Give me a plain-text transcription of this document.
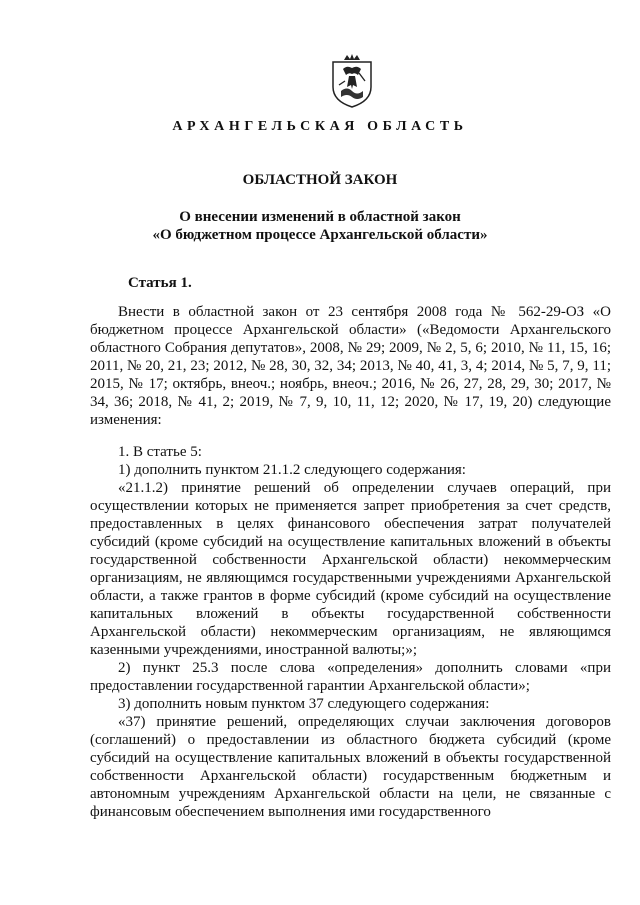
АРХАНГЕЛЬСКАЯ ОБЛАСТЬ
ОБЛАСТНОЙ ЗАКОН
О внесении изменений в областной закон
«О бюджетном процессе Архангельской области»
Статья 1.

Внести в областной закон от 23 сентября 2008 года № 562-29-ОЗ «О бюджетном процессе Архангельской области» («Ведомости Архангельского областного Собрания депутатов», 2008, № 29; 2009, № 2, 5, 6; 2010, № 11, 15, 16; 2011, № 20, 21, 23; 2012, № 28, 30, 32, 34; 2013, № 40, 41, 3, 4; 2014, № 5, 7, 9, 11; 2015, № 17; октябрь, внеоч.; ноябрь, внеоч.; 2016, № 26, 27, 28, 29, 30; 2017, № 34, 36; 2018, № 41, 2; 2019, № 7, 9, 10, 11, 12; 2020, № 17, 19, 20) следующие изменения:

1. В статье 5:

1) дополнить пунктом 21.1.2 следующего содержания:

«21.1.2) принятие решений об определении случаев операций, при осуществлении которых не применяется запрет приобретения за счет средств, предоставленных в целях финансового обеспечения затрат получателей субсидий (кроме субсидий на осуществление капитальных вложений в объекты государственной собственности Архангельской области) некоммерческим организациям, не являющимся государственными учреждениями Архангельской области, а также грантов в форме субсидий (кроме субсидий на осуществление капитальных вложений в объекты государственной собственности Архангельской области) некоммерческим организациям, не являющимся казенными учреждениями, иностранной валюты;»;

2) пункт 25.3 после слова «определения» дополнить словами «при предоставлении государственной гарантии Архангельской области»;

3) дополнить новым пунктом 37 следующего содержания:

«37) принятие решений, определяющих случаи заключения договоров (соглашений) о предоставлении из областного бюджета субсидий (кроме субсидий на осуществление капитальных вложений в объекты государственной собственности Архангельской области) государственным бюджетным и автономным учреждениям Архангельской области на цели, не связанные с финансовым обеспечением выполнения ими государственного
